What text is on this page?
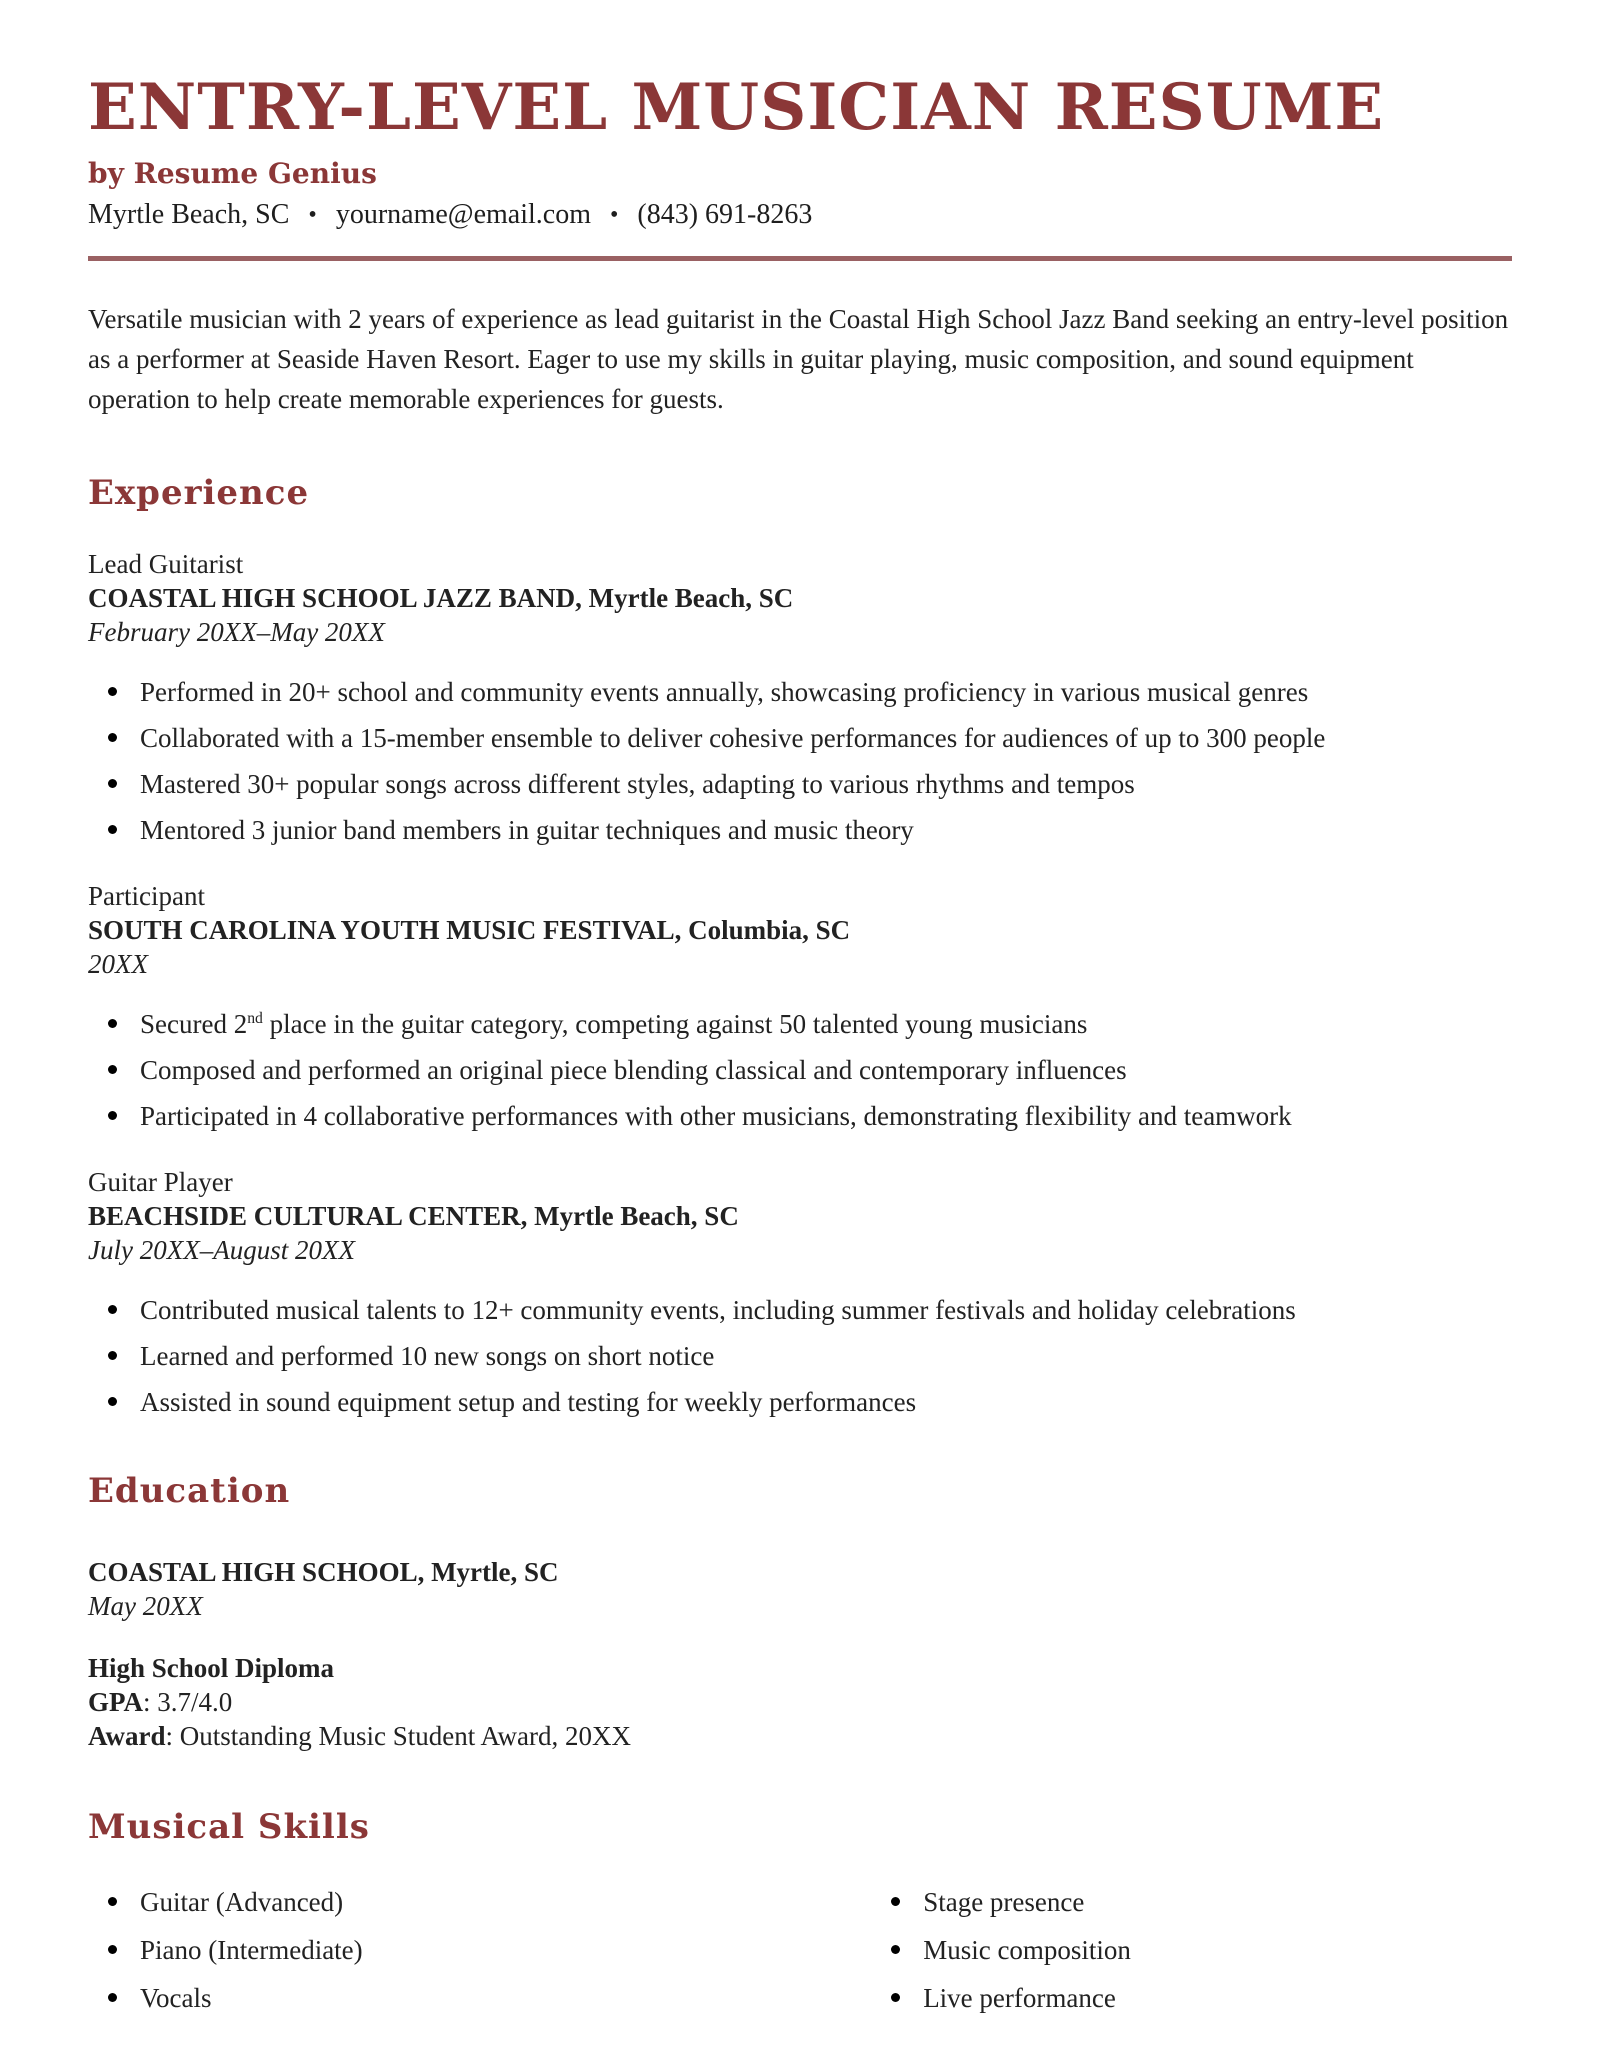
ENTRY-LEVEL MUSICIAN RESUME
by Resume Genius
Myrtle Beach, SC • yourname@email.com • (843) 691-8263

Versatile musician with 2 years of experience as lead guitarist in the Coastal High School Jazz Band seeking an entry-level position as a performer at Seaside Haven Resort. Eager to use my skills in guitar playing, music composition, and sound equipment operation to help create memorable experiences for guests.

Experience
Lead Guitarist
COASTAL HIGH SCHOOL JAZZ BAND, Myrtle Beach, SC
February 20XX–May 20XX
Performed in 20+ school and community events annually, showcasing proficiency in various musical genres
Collaborated with a 15-member ensemble to deliver cohesive performances for audiences of up to 300 people
Mastered 30+ popular songs across different styles, adapting to various rhythms and tempos
Mentored 3 junior band members in guitar techniques and music theory
Participant
SOUTH CAROLINA YOUTH MUSIC FESTIVAL, Columbia, SC
20XX
Secured 2nd place in the guitar category, competing against 50 talented young musicians
Composed and performed an original piece blending classical and contemporary influences
Participated in 4 collaborative performances with other musicians, demonstrating flexibility and teamwork
Guitar Player
BEACHSIDE CULTURAL CENTER, Myrtle Beach, SC
July 20XX–August 20XX
Contributed musical talents to 12+ community events, including summer festivals and holiday celebrations
Learned and performed 10 new songs on short notice
Assisted in sound equipment setup and testing for weekly performances
Education
COASTAL HIGH SCHOOL, Myrtle, SC
May 20XX
High School Diploma
GPA: 3.7/4.0
Award: Outstanding Music Student Award, 20XX
Musical Skills
Guitar (Advanced)
Piano (Intermediate)
Vocals
Stage presence
Music composition
Live performance
